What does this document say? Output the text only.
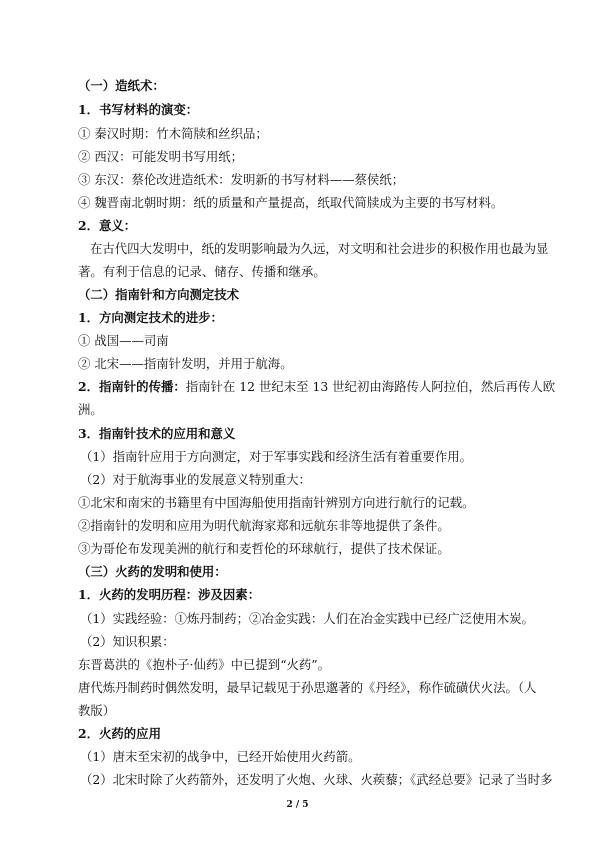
（一）造纸术：
1．书写材料的演变：
① 秦汉时期：竹木简牍和丝织品；
② 西汉：可能发明书写用纸；
③ 东汉：蔡伦改进造纸术：发明新的书写材料——蔡侯纸；
④ 魏晋南北朝时期：纸的质量和产量提高，纸取代简牍成为主要的书写材料。
2．意义：
在古代四大发明中，纸的发明影响最为久远，对文明和社会进步的积极作用也最为显
著。有利于信息的记录、储存、传播和继承。
（二）指南针和方向测定技术
1．方向测定技术的进步：
① 战国——司南
② 北宋——指南针发明，并用于航海。
2．指南针的传播：指南针在 12 世纪末至 13 世纪初由海路传人阿拉伯，然后再传人欧
洲。
3．指南针技术的应用和意义
（1）指南针应用于方向测定，对于军事实践和经济生活有着重要作用。
（2）对于航海事业的发展意义特别重大：
①北宋和南宋的书籍里有中国海船使用指南针辨别方向进行航行的记载。
②指南针的发明和应用为明代航海家郑和远航东非等地提供了条件。
③为哥伦布发现美洲的航行和麦哲伦的环球航行，提供了技术保证。
（三）火药的发明和使用：
1．火药的发明历程：涉及因素：
（1）实践经验：①炼丹制药；②冶金实践：人们在冶金实践中已经广泛使用木炭。
（2）知识积累：
东晋葛洪的《抱朴子·仙药》中已提到“火药”。
唐代炼丹制药时偶然发明，最早记载见于孙思邈著的《丹经》，称作硫磺伏火法。（人
教版）
2．火药的应用
（1）唐末至宋初的战争中，已经开始使用火药箭。
（2）北宋时除了火药箭外，还发明了火炮、火球、火蒺藜；《武经总要》记录了当时多
2 / 5
